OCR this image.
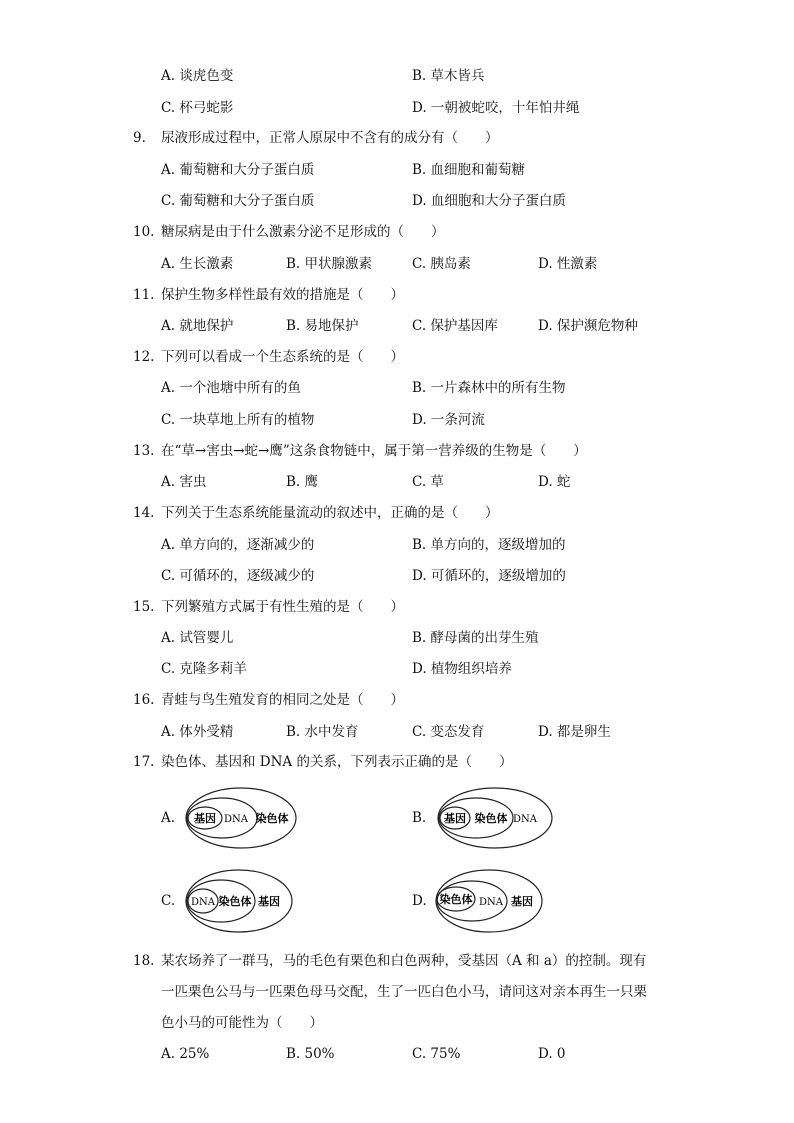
A. 谈虎色变	B. 草木皆兵
C. 杯弓蛇影	D. 一朝被蛇咬，十年怕井绳
9. 尿液形成过程中，正常人原尿中不含有的成分有（　　）
A. 葡萄糖和大分子蛋白质	B. 血细胞和葡萄糖
C. 葡萄糖和大分子蛋白质	D. 血细胞和大分子蛋白质
10. 糖尿病是由于什么激素分泌不足形成的（　　）
A. 生长激素	B. 甲状腺激素	C. 胰岛素	D. 性激素
11. 保护生物多样性最有效的措施是（　　）
A. 就地保护	B. 易地保护	C. 保护基因库	D. 保护濒危物种
12. 下列可以看成一个生态系统的是（　　）
A. 一个池塘中所有的鱼	B. 一片森林中的所有生物
C. 一块草地上所有的植物	D. 一条河流
13. 在“草→害虫→蛇→鹰”这条食物链中，属于第一营养级的生物是（　　）
A. 害虫	B. 鹰	C. 草	D. 蛇
14. 下列关于生态系统能量流动的叙述中，正确的是（　　）
A. 单方向的，逐渐减少的	B. 单方向的，逐级增加的
C. 可循环的，逐级减少的	D. 可循环的，逐级增加的
15. 下列繁殖方式属于有性生殖的是（　　）
A. 试管婴儿	B. 酵母菌的出芽生殖
C. 克隆多莉羊	D. 植物组织培养
16. 青蛙与鸟生殖发育的相同之处是（　　）
A. 体外受精	B. 水中发育	C. 变态发育	D. 都是卵生
17. 染色体、基因和 DNA 的关系，下列表示正确的是（　　）
A. 基因 DNA 染色体	B. 基因 染色体 DNA
C. DNA 染色体 基因	D. 染色体 DNA 基因
18. 某农场养了一群马，马的毛色有栗色和白色两种，受基因（A 和 a）的控制。现有
一匹栗色公马与一匹栗色母马交配，生了一匹白色小马，请问这对亲本再生一只栗
色小马的可能性为（　　）
A. 25%	B. 50%	C. 75%	D. 0
